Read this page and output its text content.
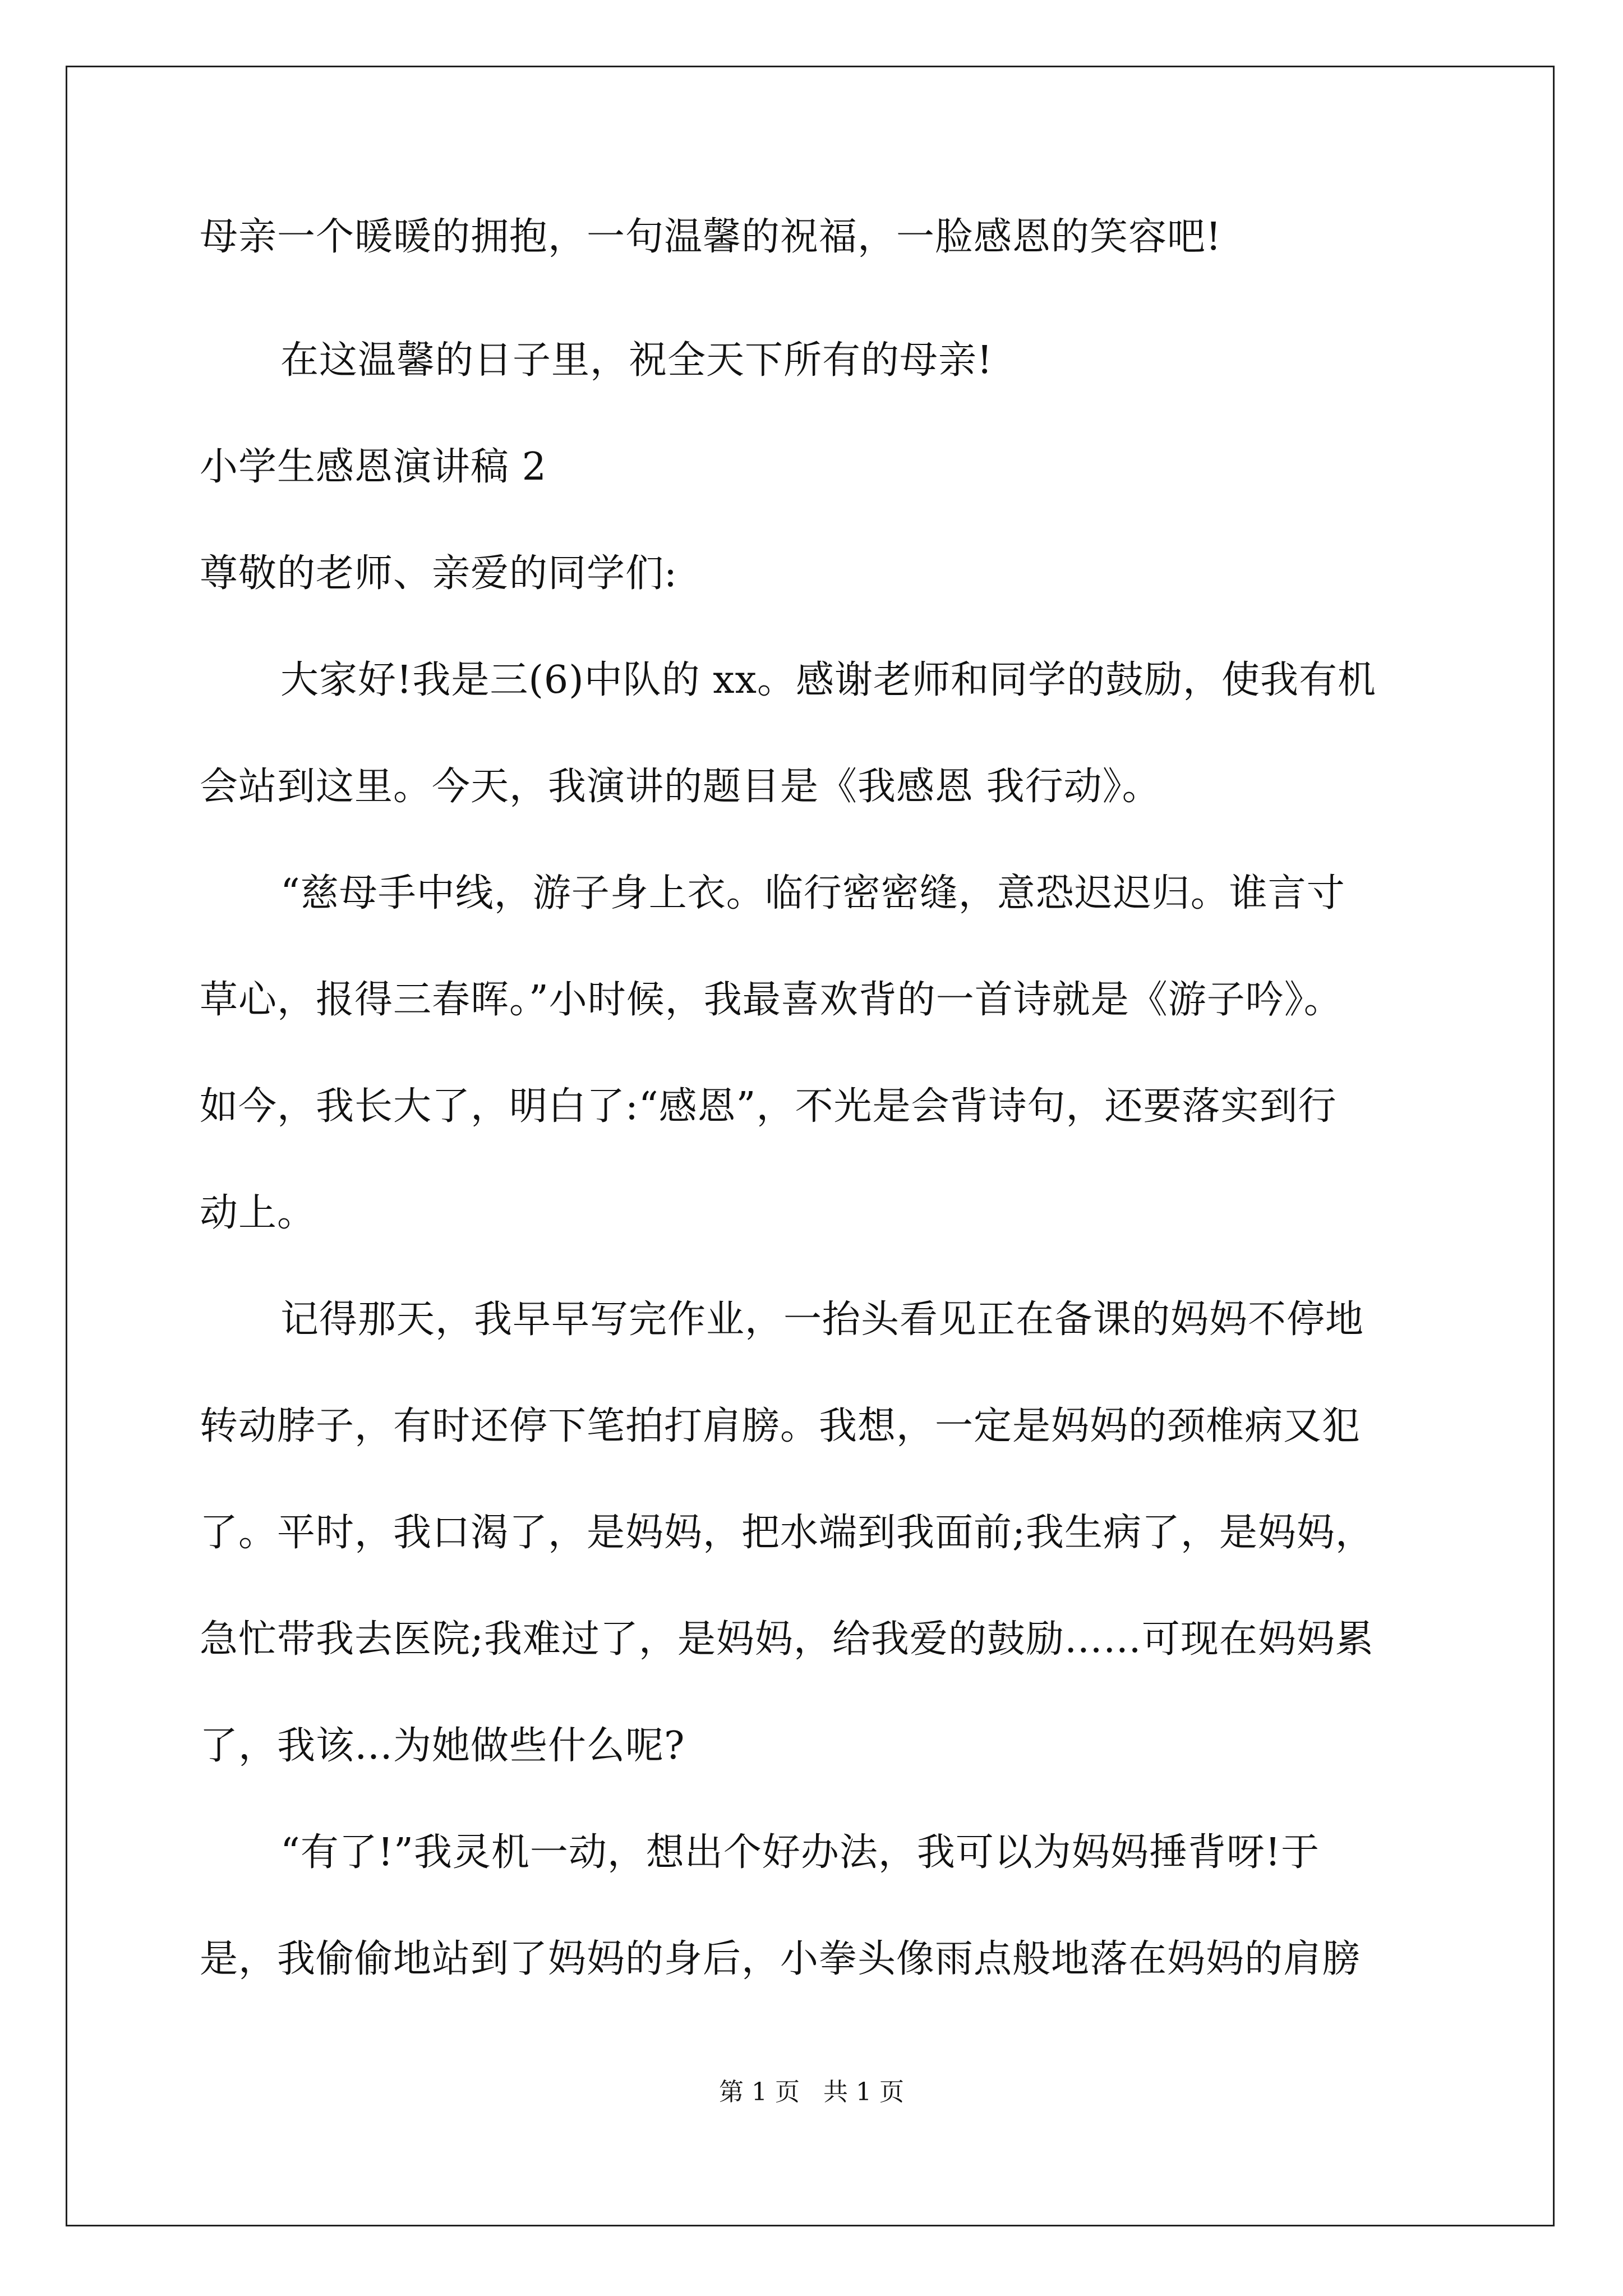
母亲一个暖暖的拥抱，一句温馨的祝福，一脸感恩的笑容吧!

在这温馨的日子里，祝全天下所有的母亲!

小学生感恩演讲稿 2

尊敬的老师、亲爱的同学们:

大家好!我是三(6)中队的 xx。感谢老师和同学的鼓励，使我有机

会站到这里。今天，我演讲的题目是《我感恩 我行动》。

“慈母手中线，游子身上衣。临行密密缝，意恐迟迟归。谁言寸

草心，报得三春晖。”小时候，我最喜欢背的一首诗就是《游子吟》。

如今，我长大了，明白了:“感恩”，不光是会背诗句，还要落实到行

动上。

记得那天，我早早写完作业，一抬头看见正在备课的妈妈不停地

转动脖子，有时还停下笔拍打肩膀。我想，一定是妈妈的颈椎病又犯

了。平时，我口渴了，是妈妈，把水端到我面前;我生病了，是妈妈，

急忙带我去医院;我难过了，是妈妈，给我爱的鼓励……可现在妈妈累

了，我该…为她做些什么呢?

“有了!”我灵机一动，想出个好办法，我可以为妈妈捶背呀!于

是，我偷偷地站到了妈妈的身后，小拳头像雨点般地落在妈妈的肩膀

第 1 页   共 1 页
